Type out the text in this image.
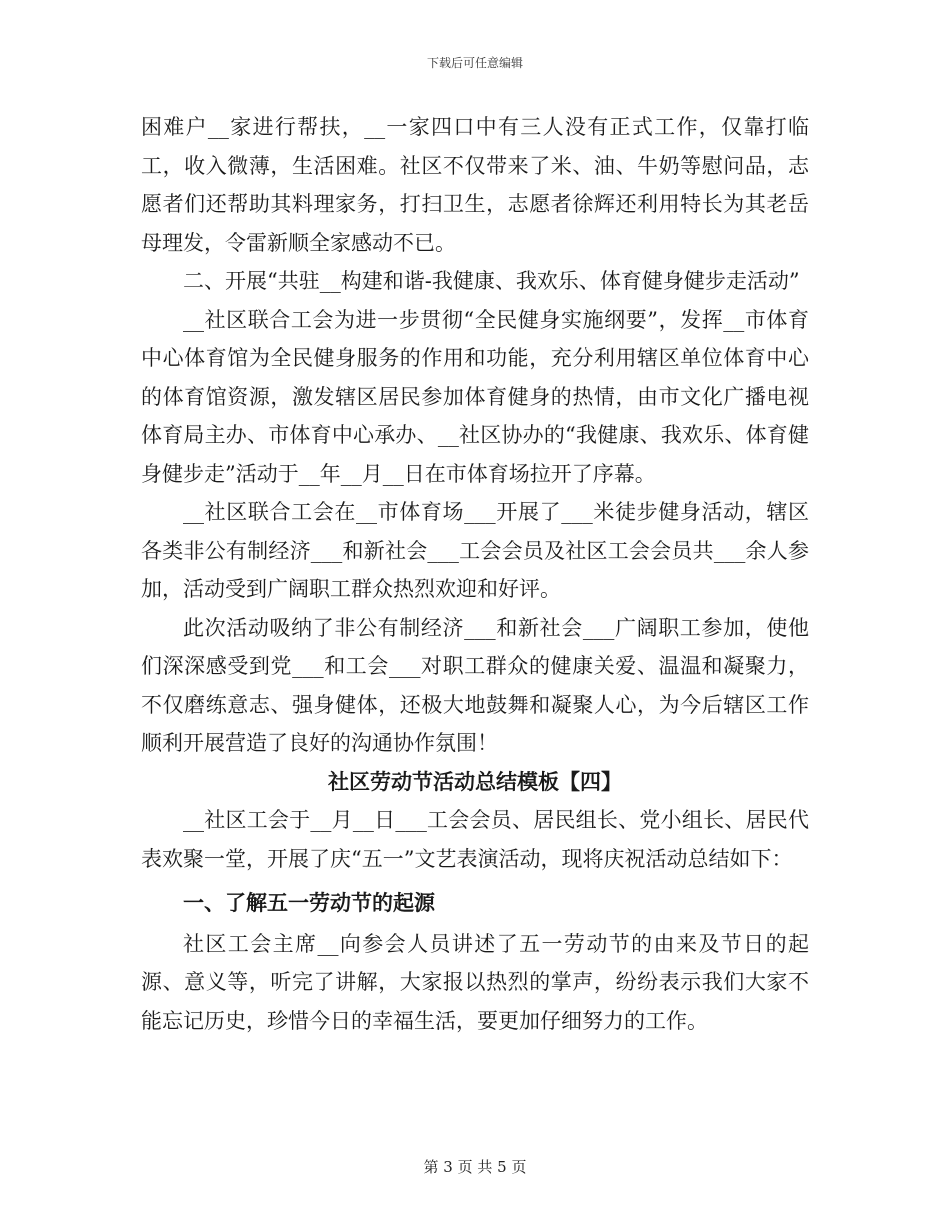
下载后可任意编辑

困难户__家进行帮扶，__一家四口中有三人没有正式工作，仅靠打临工，收入微薄，生活困难。社区不仅带来了米、油、牛奶等慰问品，志愿者们还帮助其料理家务，打扫卫生，志愿者徐辉还利用特长为其老岳母理发，令雷新顺全家感动不已。

二、开展“共驻__构建和谐-我健康、我欢乐、体育健身健步走活动”

__社区联合工会为进一步贯彻“全民健身实施纲要”，发挥__市体育中心体育馆为全民健身服务的作用和功能，充分利用辖区单位体育中心的体育馆资源，激发辖区居民参加体育健身的热情，由市文化广播电视体育局主办、市体育中心承办、__社区协办的“我健康、我欢乐、体育健身健步走”活动于__年__月__日在市体育场拉开了序幕。

__社区联合工会在__市体育场___开展了___米徒步健身活动，辖区各类非公有制经济___和新社会___工会会员及社区工会会员共___余人参加，活动受到广阔职工群众热烈欢迎和好评。

此次活动吸纳了非公有制经济___和新社会___广阔职工参加，使他们深深感受到党___和工会___对职工群众的健康关爱、温温和凝聚力，不仅磨练意志、强身健体，还极大地鼓舞和凝聚人心，为今后辖区工作顺利开展营造了良好的沟通协作氛围！

社区劳动节活动总结模板【四】

__社区工会于__月__日___工会会员、居民组长、党小组长、居民代表欢聚一堂，开展了庆“五一”文艺表演活动，现将庆祝活动总结如下：

一、了解五一劳动节的起源

社区工会主席__向参会人员讲述了五一劳动节的由来及节日的起源、意义等，听完了讲解，大家报以热烈的掌声，纷纷表示我们大家不能忘记历史，珍惜今日的幸福生活，要更加仔细努力的工作。

第 3 页 共 5 页
